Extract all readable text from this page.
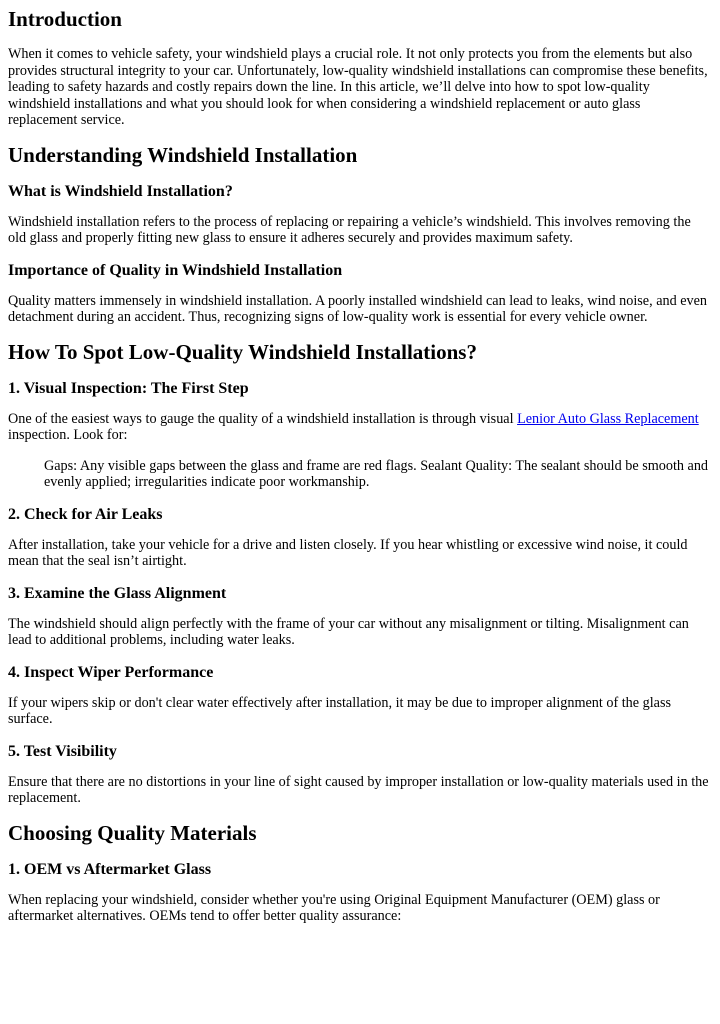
Introduction

When it comes to vehicle safety, your windshield plays a crucial role. It not only protects you from the elements but also provides structural integrity to your car. Unfortunately, low-quality windshield installations can compromise these benefits, leading to safety hazards and costly repairs down the line. In this article, we’ll delve into how to spot low-quality windshield installations and what you should look for when considering a windshield replacement or auto glass replacement service.

Understanding Windshield Installation
What is Windshield Installation?

Windshield installation refers to the process of replacing or repairing a vehicle’s windshield. This involves removing the old glass and properly fitting new glass to ensure it adheres securely and provides maximum safety.

Importance of Quality in Windshield Installation

Quality matters immensely in windshield installation. A poorly installed windshield can lead to leaks, wind noise, and even detachment during an accident. Thus, recognizing signs of low-quality work is essential for every vehicle owner.

How To Spot Low-Quality Windshield Installations?
1. Visual Inspection: The First Step

One of the easiest ways to gauge the quality of a windshield installation is through visual Lenior Auto Glass Replacement inspection. Look for:

Gaps: Any visible gaps between the glass and frame are red flags. Sealant Quality: The sealant should be smooth and evenly applied; irregularities indicate poor workmanship.
2. Check for Air Leaks

After installation, take your vehicle for a drive and listen closely. If you hear whistling or excessive wind noise, it could mean that the seal isn’t airtight.

3. Examine the Glass Alignment

The windshield should align perfectly with the frame of your car without any misalignment or tilting. Misalignment can lead to additional problems, including water leaks.

4. Inspect Wiper Performance

If your wipers skip or don't clear water effectively after installation, it may be due to improper alignment of the glass surface.

5. Test Visibility

Ensure that there are no distortions in your line of sight caused by improper installation or low-quality materials used in the replacement.

Choosing Quality Materials
1. OEM vs Aftermarket Glass

When replacing your windshield, consider whether you're using Original Equipment Manufacturer (OEM) glass or aftermarket alternatives. OEMs tend to offer better quality assurance:
